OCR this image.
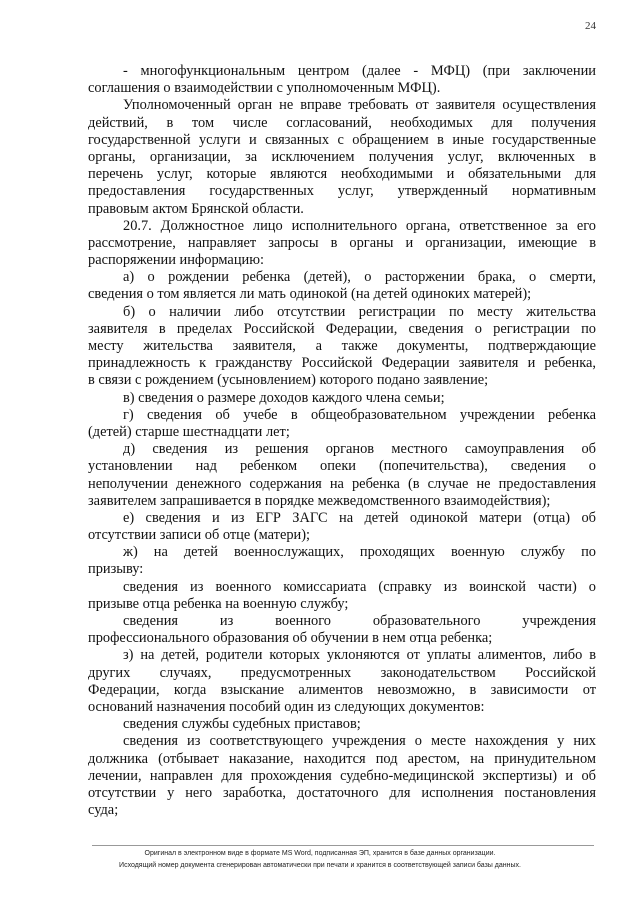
24
- многофункциональным центром (далее - МФЦ) (при заключении
соглашения о взаимодействии с уполномоченным МФЦ).
Уполномоченный орган не вправе требовать от заявителя осуществления
действий, в том числе согласований, необходимых для получения
государственной услуги и связанных с обращением в иные государственные
органы, организации, за исключением получения услуг, включенных в
перечень услуг, которые являются необходимыми и обязательными для
предоставления государственных услуг, утвержденный нормативным
правовым актом Брянской области.
20.7. Должностное лицо исполнительного органа, ответственное за его
рассмотрение, направляет запросы в органы и организации, имеющие в
распоряжении информацию:
а) о рождении ребенка (детей), о расторжении брака, о смерти,
сведения о том является ли мать одинокой (на детей одиноких матерей);
б) о наличии либо отсутствии регистрации по месту жительства
заявителя в пределах Российской Федерации, сведения о регистрации по
месту жительства заявителя, а также документы, подтверждающие
принадлежность к гражданству Российской Федерации заявителя и ребенка,
в связи с рождением (усыновлением) которого подано заявление;
в) сведения о размере доходов каждого члена семьи;
г) сведения об учебе в общеобразовательном учреждении ребенка
(детей) старше шестнадцати лет;
д) сведения из решения органов местного самоуправления об
установлении над ребенком опеки (попечительства), сведения о
неполучении денежного содержания на ребенка (в случае не предоставления
заявителем запрашивается в порядке межведомственного взаимодействия);
е) сведения и из ЕГР ЗАГС на детей одинокой матери (отца) об
отсутствии записи об отце (матери);
ж) на детей военнослужащих, проходящих военную службу по
призыву:
сведения из военного комиссариата (справку из воинской части) о
призыве отца ребенка на военную службу;
сведения из военного образовательного учреждения
профессионального образования об обучении в нем отца ребенка;
з) на детей, родители которых уклоняются от уплаты алиментов, либо в
других случаях, предусмотренных законодательством Российской
Федерации, когда взыскание алиментов невозможно, в зависимости от
оснований назначения пособий один из следующих документов:
сведения службы судебных приставов;
сведения из соответствующего учреждения о месте нахождения у них
должника (отбывает наказание, находится под арестом, на принудительном
лечении, направлен для прохождения судебно-медицинской экспертизы) и об
отсутствии у него заработка, достаточного для исполнения постановления
суда;
Оригинал в электронном виде в формате MS Word, подписанная ЭП, хранится в базе данных организации.
Исходящий номер документа сгенерирован автоматически при печати и хранится в соответствующей записи базы данных.
